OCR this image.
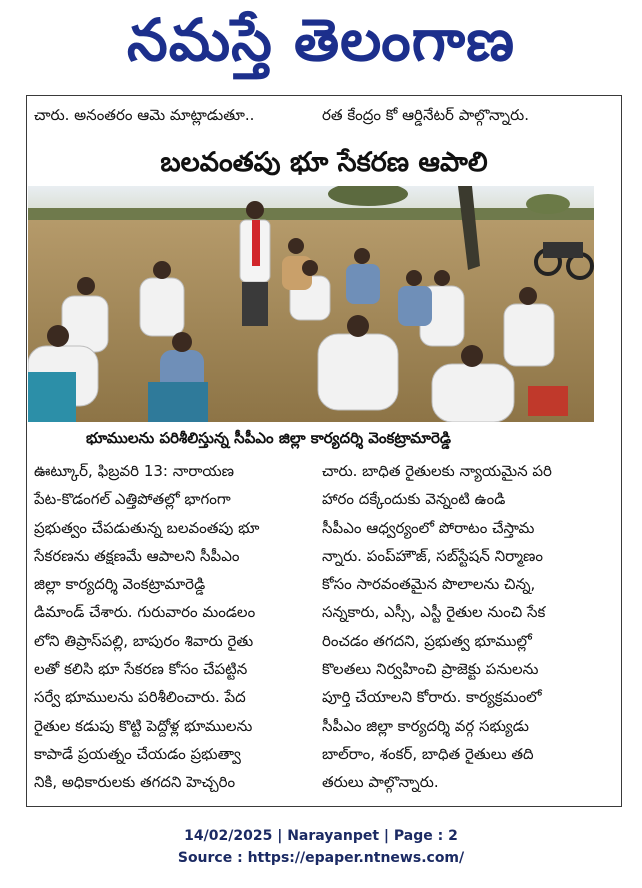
నమస్తే తెలంగాణ
చారు. అనంతరం ఆమె మాట్లాడుతూ..	రత కేంద్రం కో ఆర్డినేటర్ పాల్గొన్నారు.
బలవంతపు భూ సేకరణ ఆపాలి
భూములను పరిశీలిస్తున్న సీపీఎం జిల్లా కార్యదర్శి వెంకట్రామారెడ్డి
ఊట్కూర్, ఫిబ్రవరి 13: నారాయణ
పేట-కొడంగల్ ఎత్తిపోతల్లో భాగంగా
ప్రభుత్వం చేపడుతున్న బలవంతపు భూ
సేకరణను తక్షణమే ఆపాలని సీపీఎం
జిల్లా కార్యదర్శి వెంకట్రామారెడ్డి
డిమాండ్ చేశారు. గురువారం మండలం
లోని తిప్రాస్‌పల్లి, బాపురం శివారు రైతు
లతో కలిసి భూ సేకరణ కోసం చేపట్టిన
సర్వే భూములను పరిశీలించారు. పేద
రైతుల కడుపు కొట్టి పెద్దోళ్ల భూములను
కాపాడే ప్రయత్నం చేయడం ప్రభుత్వా
నికి, అధికారులకు తగదని హెచ్చరిం
చారు. బాధిత రైతులకు న్యాయమైన పరి
హారం దక్కేందుకు వెన్నంటి ఉండి
సీపీఎం ఆధ్వర్యంలో పోరాటం చేస్తామ
న్నారు. పంప్‌హౌజ్, సబ్‌స్టేషన్ నిర్మాణం
కోసం సారవంతమైన పొలాలను చిన్న,
సన్నకారు, ఎస్సీ, ఎస్టీ రైతుల నుంచి సేక
రించడం తగదని, ప్రభుత్వ భూముల్లో
కొలతలు నిర్వహించి ప్రాజెక్టు పనులను
పూర్తి చేయాలని కోరారు. కార్యక్రమంలో
సీపీఎం జిల్లా కార్యదర్శి వర్గ సభ్యుడు
బాల్‌రాం, శంకర్, బాధిత రైతులు తది
తరులు పాల్గొన్నారు.
14/02/2025 | Narayanpet | Page : 2
Source : https://epaper.ntnews.com/
